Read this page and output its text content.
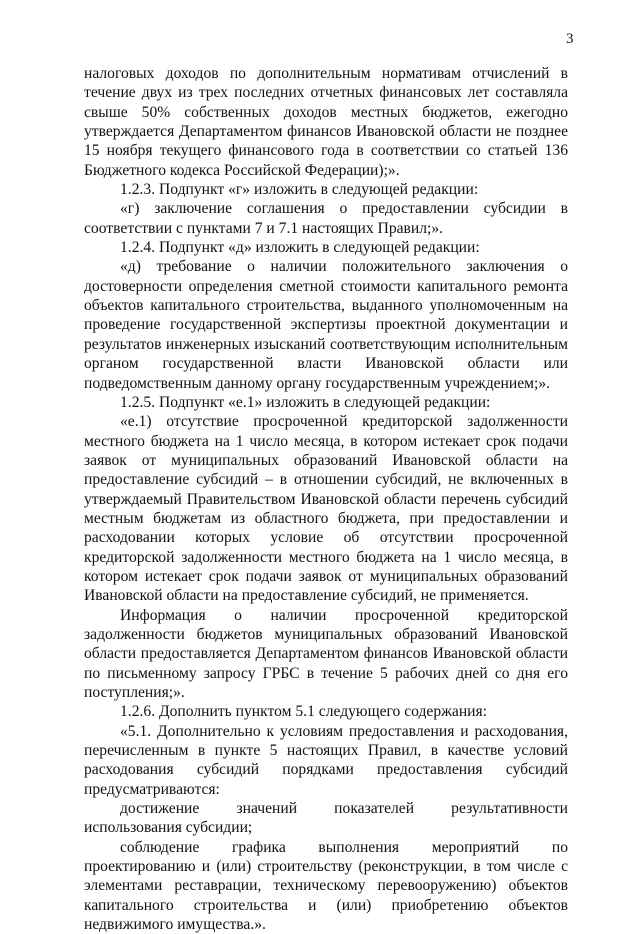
3

налоговых доходов по дополнительным нормативам отчислений в течение двух из трех последних отчетных финансовых лет составляла свыше 50% собственных доходов местных бюджетов, ежегодно утверждается Департаментом финансов Ивановской области не позднее 15 ноября текущего финансового года в соответствии со статьей 136 Бюджетного кодекса Российской Федерации);».

1.2.3. Подпункт «г» изложить в следующей редакции:

«г) заключение соглашения о предоставлении субсидии в соответствии с пунктами 7 и 7.1 настоящих Правил;».

1.2.4. Подпункт «д» изложить в следующей редакции:

«д) требование о наличии положительного заключения о достоверности определения сметной стоимости капитального ремонта объектов капитального строительства, выданного уполномоченным на проведение государственной экспертизы проектной документации и результатов инженерных изысканий соответствующим исполнительным органом государственной власти Ивановской области или подведомственным данному органу государственным учреждением;».

1.2.5. Подпункт «е.1» изложить в следующей редакции:

«е.1) отсутствие просроченной кредиторской задолженности местного бюджета на 1 число месяца, в котором истекает срок подачи заявок от муниципальных образований Ивановской области на предоставление субсидий – в отношении субсидий, не включенных в утверждаемый Правительством Ивановской области перечень субсидий местным бюджетам из областного бюджета, при предоставлении и расходовании которых условие об отсутствии просроченной кредиторской задолженности местного бюджета на 1 число месяца, в котором истекает срок подачи заявок от муниципальных образований Ивановской области на предоставление субсидий, не применяется.

Информация о наличии просроченной кредиторской задолженности бюджетов муниципальных образований Ивановской области предоставляется Департаментом финансов Ивановской области по письменному запросу ГРБС в течение 5 рабочих дней со дня его поступления;».

1.2.6. Дополнить пунктом 5.1 следующего содержания:

«5.1. Дополнительно к условиям предоставления и расходования, перечисленным в пункте 5 настоящих Правил, в качестве условий расходования субсидий порядками предоставления субсидий предусматриваются:

достижение значений показателей результативности использования субсидии;

соблюдение графика выполнения мероприятий по проектированию и (или) строительству (реконструкции, в том числе с элементами реставрации, техническому перевооружению) объектов капитального строительства и (или) приобретению объектов недвижимого имущества.».
